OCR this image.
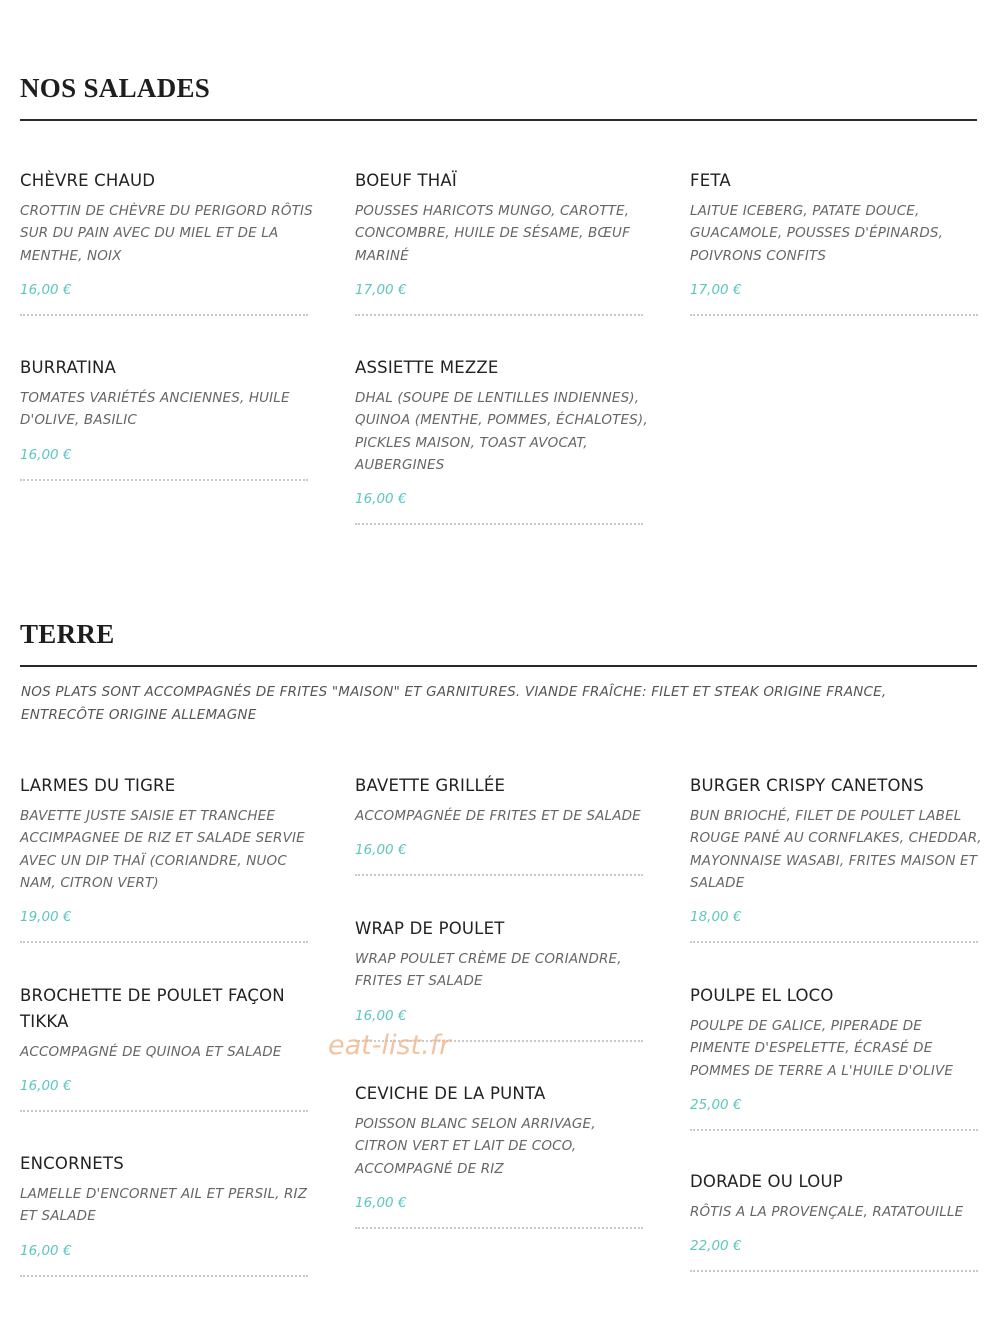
NOS SALADES
CHÈVRE CHAUD
CROTTIN DE CHÈVRE DU PERIGORD RÔTIS SUR DU PAIN AVEC DU MIEL ET DE LA MENTHE, NOIX
16,00 €
BOEUF THAÏ
POUSSES HARICOTS MUNGO, CAROTTE, CONCOMBRE, HUILE DE SÉSAME, BŒUF MARINÉ
17,00 €
FETA
LAITUE ICEBERG, PATATE DOUCE, GUACAMOLE, POUSSES D'ÉPINARDS, POIVRONS CONFITS
17,00 €
BURRATINA
TOMATES VARIÉTÉS ANCIENNES, HUILE D'OLIVE, BASILIC
16,00 €
ASSIETTE MEZZE
DHAL (SOUPE DE LENTILLES INDIENNES), QUINOA (MENTHE, POMMES, ÉCHALOTES), PICKLES MAISON, TOAST AVOCAT, AUBERGINES
16,00 €
TERRE
NOS PLATS SONT ACCOMPAGNÉS DE FRITES "MAISON" ET GARNITURES. VIANDE FRAÎCHE: FILET ET STEAK ORIGINE FRANCE, ENTRECÔTE ORIGINE ALLEMAGNE
LARMES DU TIGRE
BAVETTE JUSTE SAISIE ET TRANCHEE ACCIMPAGNEE DE RIZ ET SALADE SERVIE AVEC UN DIP THAÏ (CORIANDRE, NUOC NAM, CITRON VERT)
19,00 €
BAVETTE GRILLÉE
ACCOMPAGNÉE DE FRITES ET DE SALADE
16,00 €
BURGER CRISPY CANETONS
BUN BRIOCHÉ, FILET DE POULET LABEL ROUGE PANÉ AU CORNFLAKES, CHEDDAR, MAYONNAISE WASABI, FRITES MAISON ET SALADE
18,00 €
WRAP DE POULET
WRAP POULET CRÈME DE CORIANDRE, FRITES ET SALADE
16,00 €
BROCHETTE DE POULET FAÇON TIKKA
ACCOMPAGNÉ DE QUINOA ET SALADE
16,00 €
POULPE EL LOCO
POULPE DE GALICE, PIPERADE DE PIMENTE D'ESPELETTE, ÉCRASÉ DE POMMES DE TERRE A L'HUILE D'OLIVE
25,00 €
CEVICHE DE LA PUNTA
POISSON BLANC SELON ARRIVAGE, CITRON VERT ET LAIT DE COCO, ACCOMPAGNÉ DE RIZ
16,00 €
ENCORNETS
LAMELLE D'ENCORNET AIL ET PERSIL, RIZ ET SALADE
16,00 €
DORADE OU LOUP
RÔTIS A LA PROVENÇALE, RATATOUILLE
22,00 €
eat-list.fr
